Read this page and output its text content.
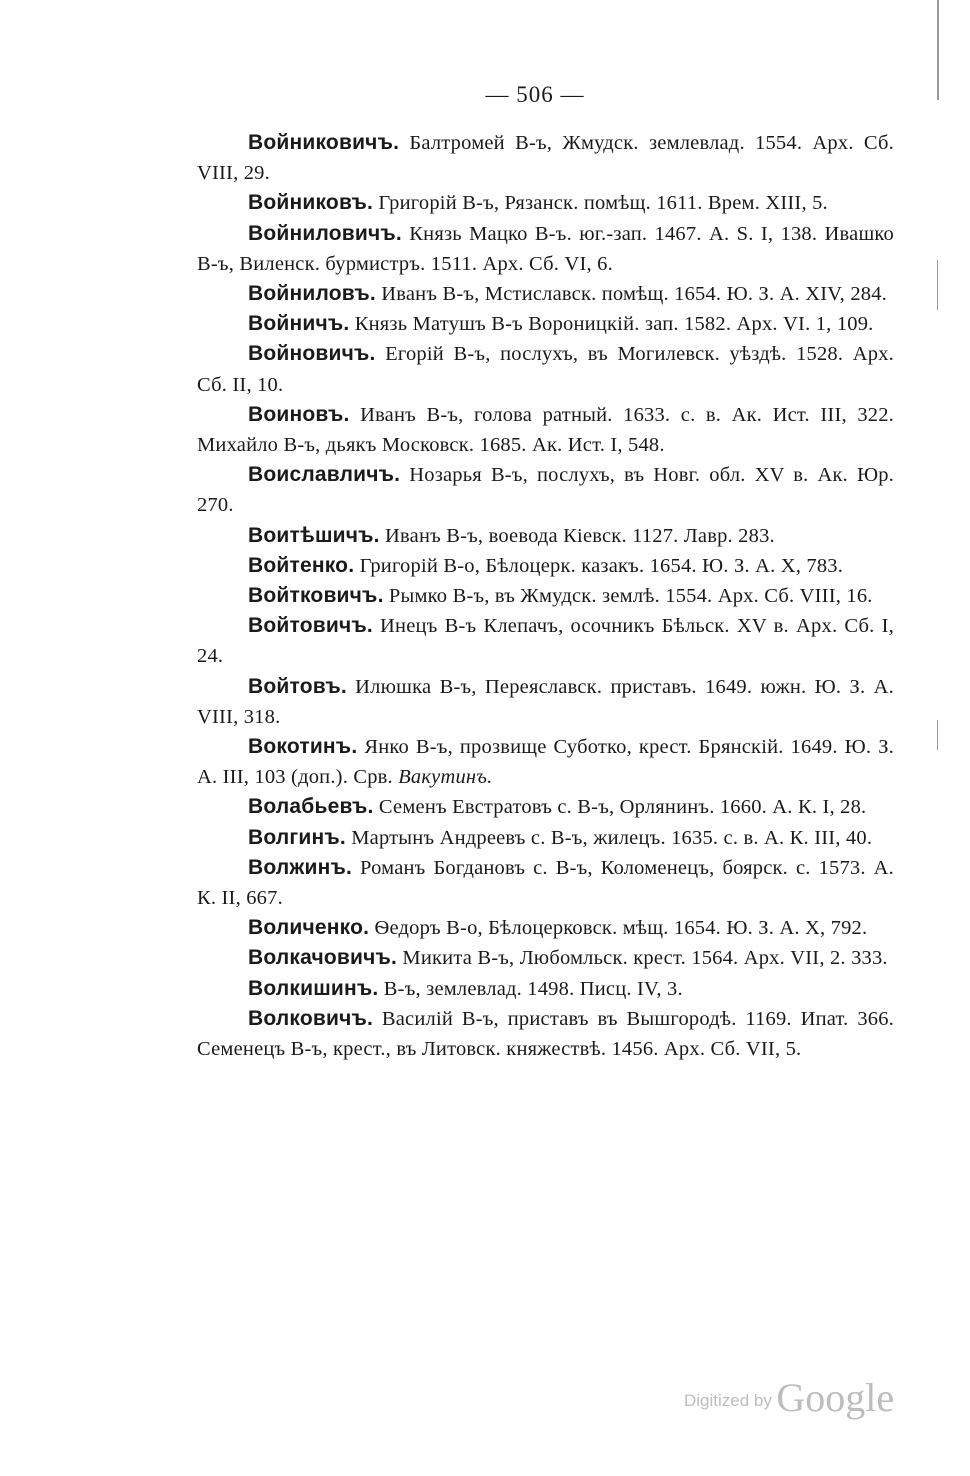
— 506 —

Войниковичъ. Балтромей В-ъ, Жмудск. землевлад. 1554. Арх. Сб. VIII, 29.

Войниковъ. Григорій В-ъ, Рязанск. помѣщ. 1611. Врем. XIII, 5.

Войниловичъ. Князь Мацко В-ъ. юг.-зап. 1467. A. S. I, 138. Ивашко В-ъ, Виленск. бурмистръ. 1511. Арх. Сб. VI, 6.

Войниловъ. Иванъ В-ъ, Мстиславск. помѣщ. 1654. Ю. З. А. XIV, 284.

Войничъ. Князь Матушъ В-ъ Вороницкій. зап. 1582. Арх. VI. 1, 109.

Войновичъ. Егорій В-ъ, послухъ, въ Могилевск. уѣздѣ. 1528. Арх. Сб. II, 10.

Воиновъ. Иванъ В-ъ, голова ратный. 1633. с. в. Ак. Ист. III, 322. Михайло В-ъ, дьякъ Московск. 1685. Ак. Ист. I, 548.

Воиславличъ. Нозарья В-ъ, послухъ, въ Новг. обл. XV в. Ак. Юр. 270.

Воитѣшичъ. Иванъ В-ъ, воевода Кіевск. 1127. Лавр. 283.

Войтенко. Григорій В-о, Бѣлоцерк. казакъ. 1654. Ю. З. А. X, 783.

Войтковичъ. Рымко В-ъ, въ Жмудск. землѣ. 1554. Арх. Сб. VIII, 16.

Войтовичъ. Инецъ В-ъ Клепачъ, осочникъ Бѣльск. XV в. Арх. Сб. I, 24.

Войтовъ. Илюшка В-ъ, Переяславск. приставъ. 1649. южн. Ю. З. А. VIII, 318.

Вокотинъ. Янко В-ъ, прозвище Суботко, крест. Брянскій. 1649. Ю. З. А. III, 103 (доп.). Срв. Вакутинъ.

Волабьевъ. Семенъ Евстратовъ с. В-ъ, Орлянинъ. 1660. А. К. I, 28.

Волгинъ. Мартынъ Андреевъ с. В-ъ, жилецъ. 1635. с. в. А. К. III, 40.

Волжинъ. Романъ Богдановъ с. В-ъ, Коломенецъ, боярск. с. 1573. А. К. II, 667.

Воличенко. Ѳедоръ В-о, Бѣлоцерковск. мѣщ. 1654. Ю. З. А. X, 792.

Волкачовичъ. Микита В-ъ, Любомльск. крест. 1564. Арх. VII, 2. 333.

Волкишинъ. В-ъ, землевлад. 1498. Писц. IV, 3.

Волковичъ. Василій В-ъ, приставъ въ Вышгородѣ. 1169. Ипат. 366. Семенецъ В-ъ, крест., въ Литовск. княжествѣ. 1456. Арх. Сб. VII, 5.

Digitized by Google
